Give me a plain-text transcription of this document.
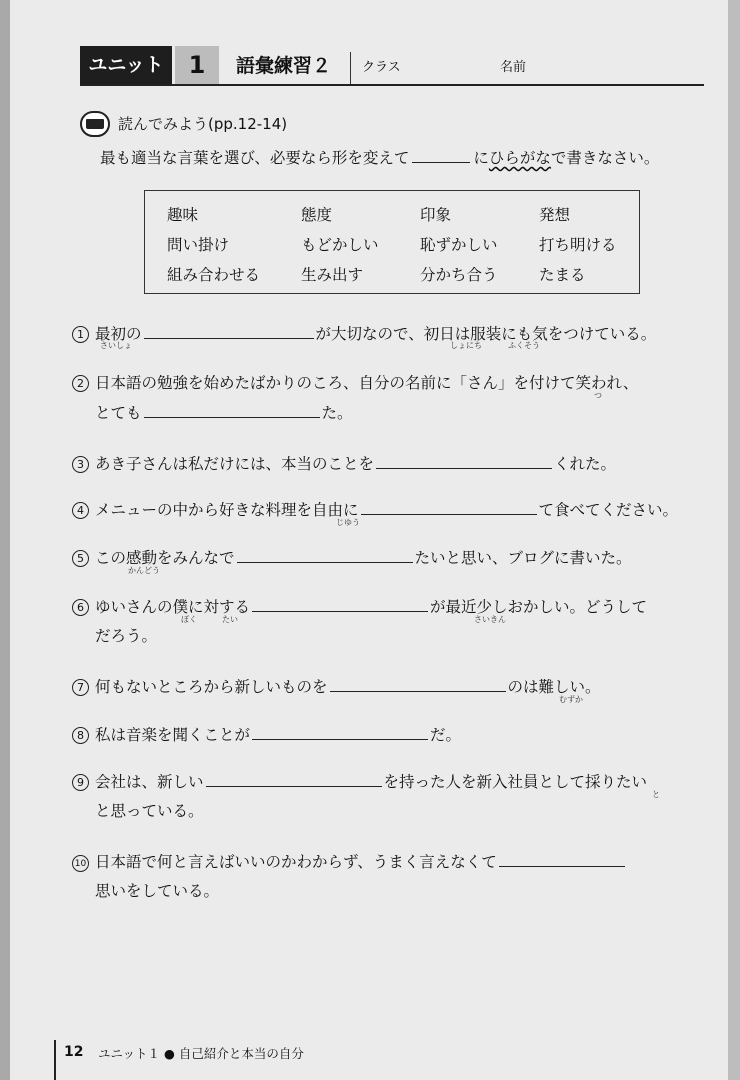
ユニット	1	語彙練習２ クラス	名前
読んでみよう(pp.12-14)
最も適当な言葉を選び、必要なら形を変えて	にひらがなで書きなさい。
趣味	態度	印象	発想
問い掛け	もどかしい	恥ずかしい	打ち明ける
組み合わせる	生み出す	分かち合う	たまる
1 最初の	が大切なので、初日は服装にも気をつけている。
さいしょ	しょにち	ふくそう
2 日本語の勉強を始めたばかりのころ、自分の名前に「さん」を付けて笑われ、
つ
とても	た。
3 あき子さんは私だけには、本当のことを	くれた。
4 メニューの中から好きな料理を自由に	て食べてください。
じゆう
5 この感動をみんなで	たいと思い、ブログに書いた。
かんどう
6 ゆいさんの僕に対する	が最近少しおかしい。どうして
ぼく	たい	さいきん
だろう。
7 何もないところから新しいものを	のは難しい。
むずか
8 私は音楽を聞くことが	だ。
9 会社は、新しい	を持った人を新入社員として採りたい
と
と思っている。
10 日本語で何と言えばいいのかわからず、うまく言えなくて
思いをしている。
12 ユニット１ ● 自己紹介と本当の自分
